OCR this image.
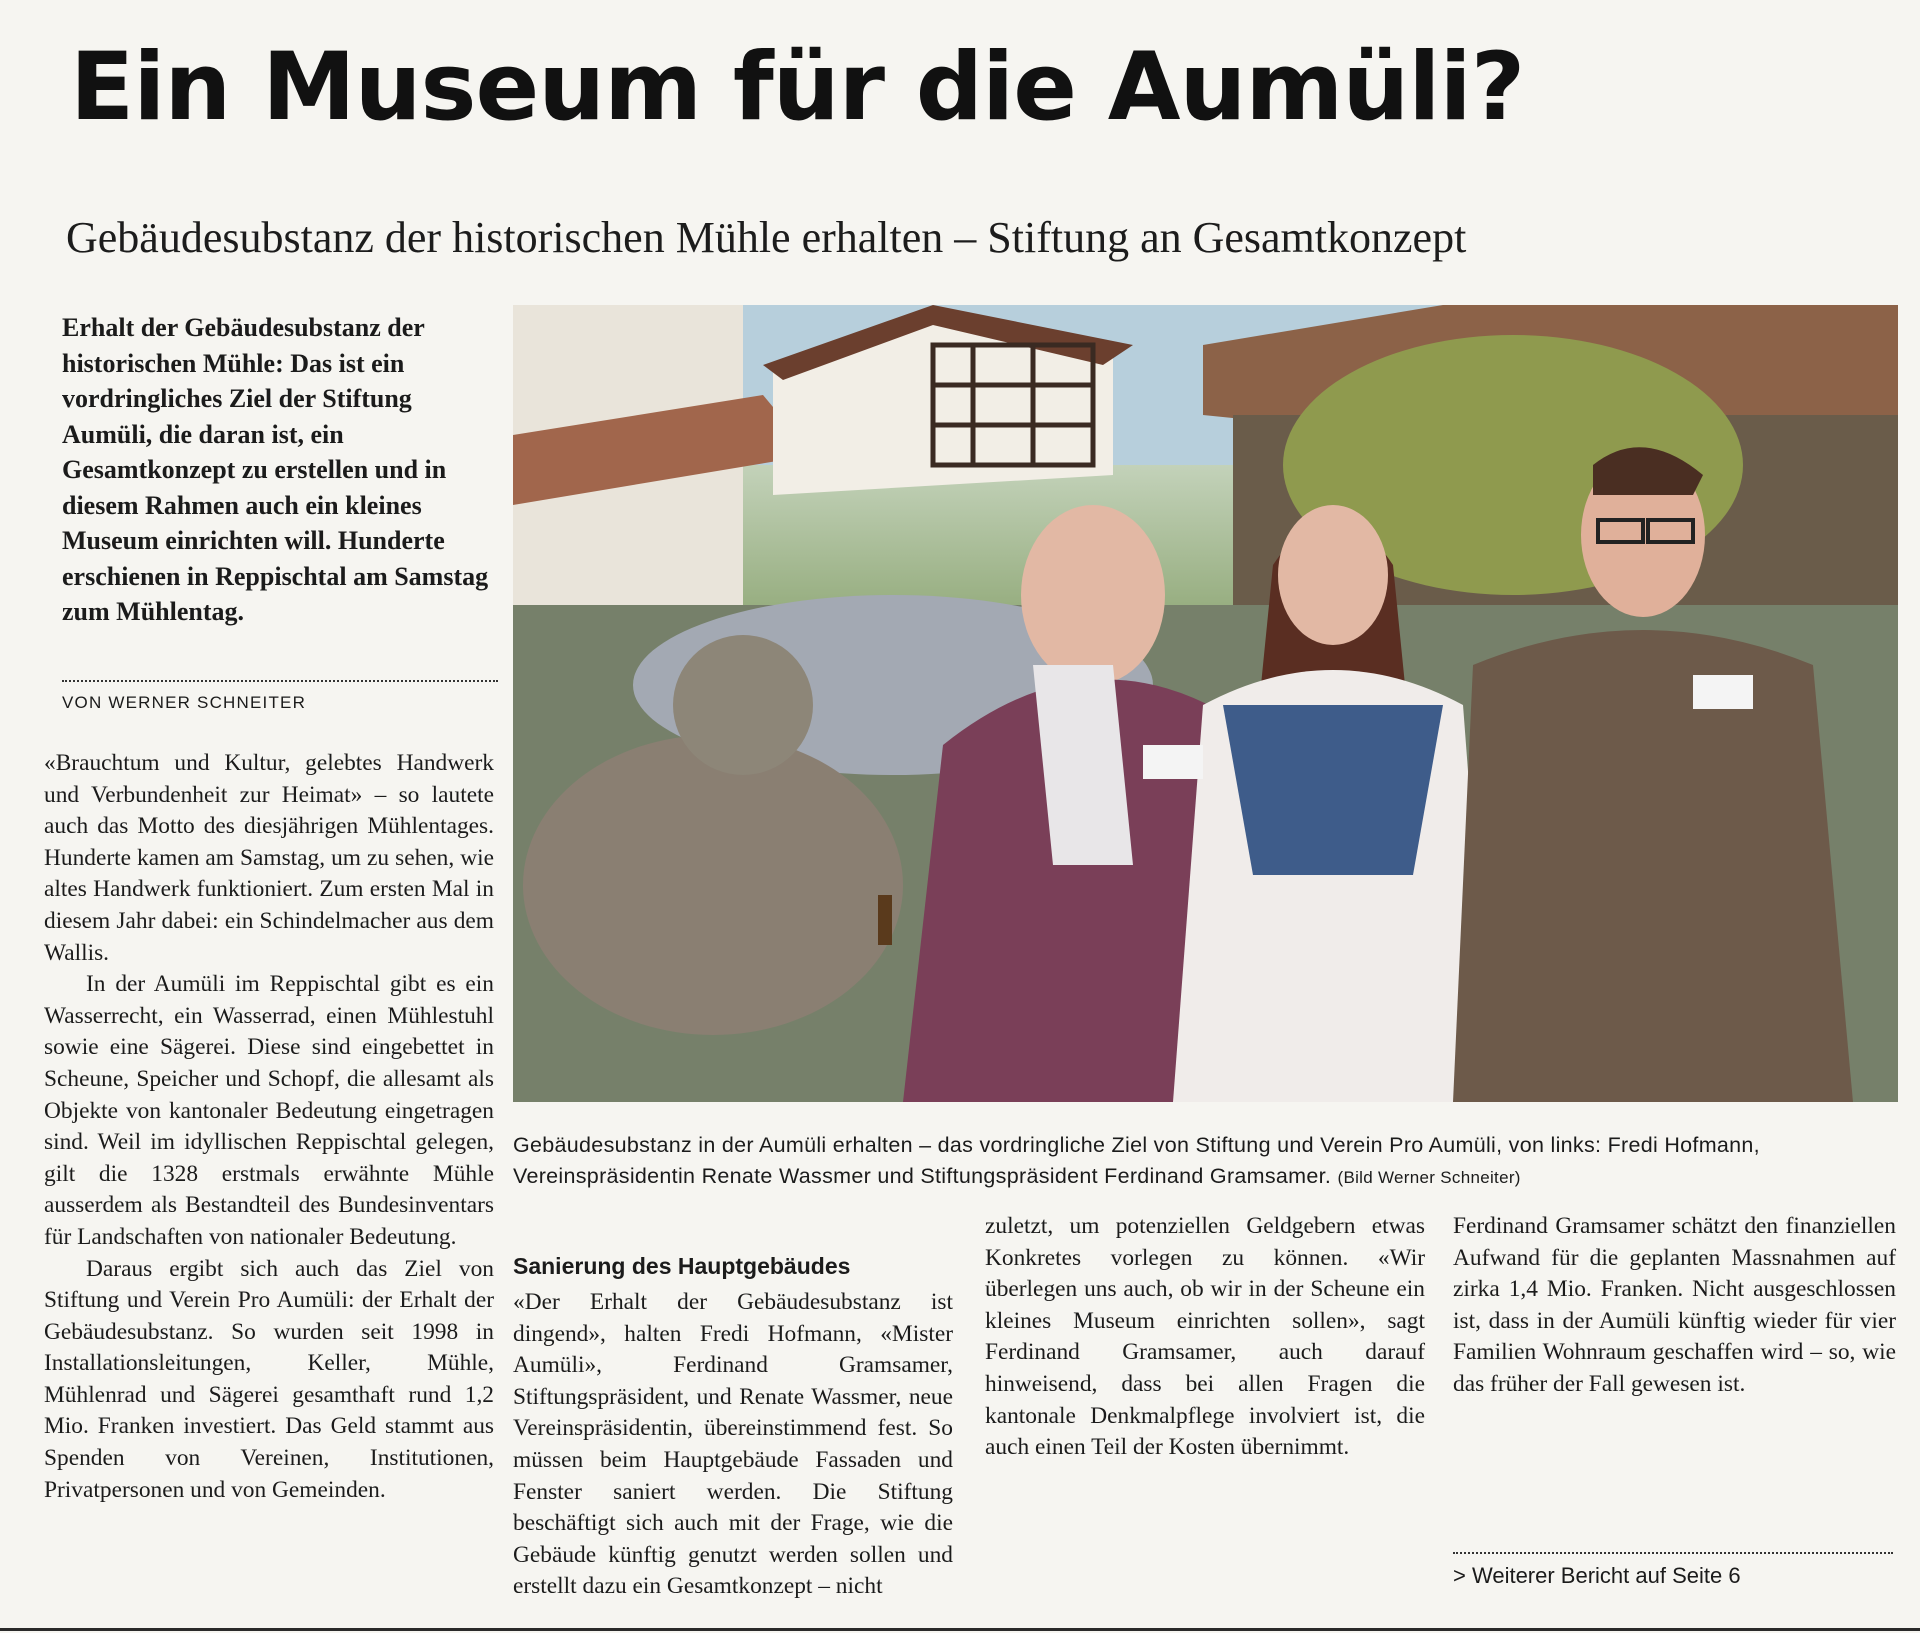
Ein Museum für die Aumüli?
Gebäudesubstanz der historischen Mühle erhalten – Stiftung an Gesamtkonzept
Erhalt der Gebäudesubstanz der historischen Mühle: Das ist ein vordringliches Ziel der Stiftung Aumüli, die daran ist, ein Gesamtkonzept zu erstellen und in diesem Rahmen auch ein kleines Museum einrichten will. Hunderte erschienen in Reppischtal am Samstag zum Mühlentag.
VON WERNER SCHNEITER
Gebäudesubstanz in der Aumüli erhalten – das vordringliche Ziel von Stiftung und Verein Pro Aumüli, von links: Fredi Hofmann, Vereinspräsidentin Renate Wassmer und Stiftungspräsident Ferdinand Gramsamer. (Bild Werner Schneiter)

«Brauchtum und Kultur, gelebtes Handwerk und Verbundenheit zur Heimat» – so lautete auch das Motto des diesjährigen Mühlentages. Hunderte kamen am Samstag, um zu sehen, wie altes Handwerk funktioniert. Zum ersten Mal in diesem Jahr dabei: ein Schindelmacher aus dem Wallis.

In der Aumüli im Reppischtal gibt es ein Wasserrecht, ein Wasserrad, einen Mühlestuhl sowie eine Sägerei. Diese sind eingebettet in Scheune, Speicher und Schopf, die allesamt als Objekte von kantonaler Bedeutung eingetragen sind. Weil im idyllischen Reppischtal gelegen, gilt die 1328 erstmals erwähnte Mühle ausserdem als Bestandteil des Bundesinventars für Landschaften von nationaler Bedeutung.

Daraus ergibt sich auch das Ziel von Stiftung und Verein Pro Aumüli: der Erhalt der Gebäudesubstanz. So wurden seit 1998 in Installationsleitungen, Keller, Mühle, Mühlenrad und Sägerei gesamthaft rund 1,2 Mio. Franken investiert. Das Geld stammt aus Spenden von Vereinen, Institutionen, Privatpersonen und von Gemeinden.

Sanierung des Hauptgebäudes

«Der Erhalt der Gebäudesubstanz ist dingend», halten Fredi Hofmann, «Mister Aumüli», Ferdinand Gramsamer, Stiftungspräsident, und Renate Wassmer, neue Vereinspräsidentin, übereinstimmend fest. So müssen beim Hauptgebäude Fassaden und Fenster saniert werden. Die Stiftung beschäftigt sich auch mit der Frage, wie die Gebäude künftig genutzt werden sollen und erstellt dazu ein Gesamtkonzept – nicht

zuletzt, um potenziellen Geldgebern etwas Konkretes vorlegen zu können. «Wir überlegen uns auch, ob wir in der Scheune ein kleines Museum einrichten sollen», sagt Ferdinand Gramsamer, auch darauf hinweisend, dass bei allen Fragen die kantonale Denkmalpflege involviert ist, die auch einen Teil der Kosten übernimmt.

Ferdinand Gramsamer schätzt den finanziellen Aufwand für die geplanten Massnahmen auf zirka 1,4 Mio. Franken. Nicht ausgeschlossen ist, dass in der Aumüli künftig wieder für vier Familien Wohnraum geschaffen wird – so, wie das früher der Fall gewesen ist.

> Weiterer Bericht auf Seite 6
